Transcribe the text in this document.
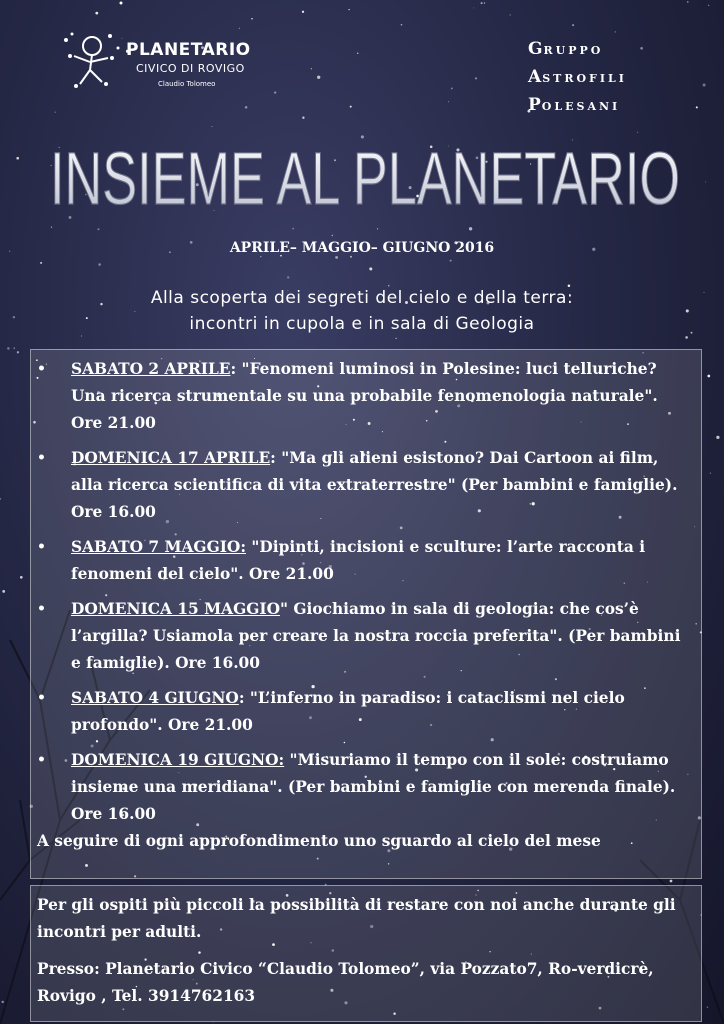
PLANETARIO
CIVICO DI ROVIGO
Claudio Tolomeo
GRUPPO
ASTROFILI
POLESANI
INSIEME AL PLANETARIO
APRILE– MAGGIO– GIUGNO 2016
Alla scoperta dei segreti del cielo e della terra:
incontri in cupola e in sala di Geologia
• SABATO 2 APRILE: "Fenomeni luminosi in Polesine: luci telluriche? Una ricerca strumentale su una probabile fenomenologia naturale". Ore 21.00
• DOMENICA 17 APRILE: "Ma gli alieni esistono? Dai Cartoon ai film, alla ricerca scientifica di vita extraterrestre" (Per bambini e famiglie). Ore 16.00
• SABATO 7 MAGGIO: "Dipinti, incisioni e sculture: l’arte racconta i fenomeni del cielo". Ore 21.00
• DOMENICA 15 MAGGIO" Giochiamo in sala di geologia: che cos’è l’argilla? Usiamola per creare la nostra roccia preferita". (Per bambini e famiglie). Ore 16.00
• SABATO 4 GIUGNO: "L’inferno in paradiso: i cataclismi nel cielo profondo". Ore 21.00
• DOMENICA 19 GIUGNO: "Misuriamo il tempo con il sole: costruiamo insieme una meridiana". (Per bambini e famiglie con merenda finale). Ore 16.00
A seguire di ogni approfondimento uno sguardo al cielo del mese
Per gli ospiti più piccoli la possibilità di restare con noi anche durante gli incontri per adulti.
Presso: Planetario Civico “Claudio Tolomeo”, via Pozzato7, Ro-verdicrè, Rovigo , Tel. 3914762163
